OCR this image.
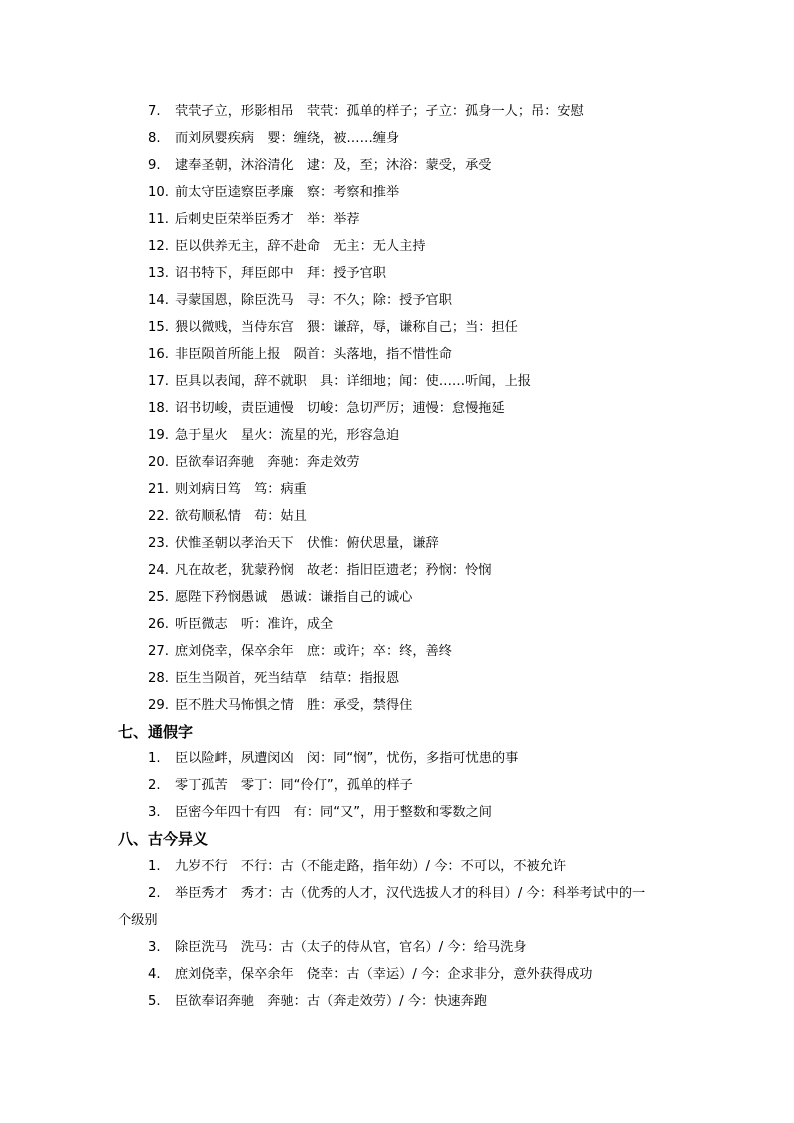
7. 茕茕孑立，形影相吊　茕茕：孤单的样子；孑立：孤身一人；吊：安慰
8. 而刘夙婴疾病　婴：缠绕，被……缠身
9. 逮奉圣朝，沐浴清化　逮：及，至；沐浴：蒙受，承受
10. 前太守臣逵察臣孝廉　察：考察和推举
11. 后刺史臣荣举臣秀才　举：举荐
12. 臣以供养无主，辞不赴命　无主：无人主持
13. 诏书特下，拜臣郎中　拜：授予官职
14. 寻蒙国恩，除臣洗马　寻：不久；除：授予官职
15. 猥以微贱，当侍东宫　猥：谦辞，辱，谦称自己；当：担任
16. 非臣陨首所能上报　陨首：头落地，指不惜性命
17. 臣具以表闻，辞不就职　具：详细地；闻：使……听闻，上报
18. 诏书切峻，责臣逋慢　切峻：急切严厉；逋慢：怠慢拖延
19. 急于星火　星火：流星的光，形容急迫
20. 臣欲奉诏奔驰　奔驰：奔走效劳
21. 则刘病日笃　笃：病重
22. 欲苟顺私情　苟：姑且
23. 伏惟圣朝以孝治天下　伏惟：俯伏思量，谦辞
24. 凡在故老，犹蒙矜悯　故老：指旧臣遗老；矜悯：怜悯
25. 愿陛下矜悯愚诚　愚诚：谦指自己的诚心
26. 听臣微志　听：准许，成全
27. 庶刘侥幸，保卒余年　庶：或许；卒：终，善终
28. 臣生当陨首，死当结草　结草：指报恩
29. 臣不胜犬马怖惧之情　胜：承受，禁得住
七、通假字
1. 臣以险衅，夙遭闵凶　闵：同“悯”，忧伤，多指可忧患的事
2. 零丁孤苦　零丁：同“伶仃”，孤单的样子
3. 臣密今年四十有四　有：同“又”，用于整数和零数之间
八、古今异义
1. 九岁不行　不行：古（不能走路，指年幼）/ 今：不可以，不被允许
2. 举臣秀才　秀才：古（优秀的人才，汉代选拔人才的科目）/ 今：科举考试中的一
个级别
3. 除臣洗马　洗马：古（太子的侍从官，官名）/ 今：给马洗身
4. 庶刘侥幸，保卒余年　侥幸：古（幸运）/ 今：企求非分，意外获得成功
5. 臣欲奉诏奔驰　奔驰：古（奔走效劳）/ 今：快速奔跑
